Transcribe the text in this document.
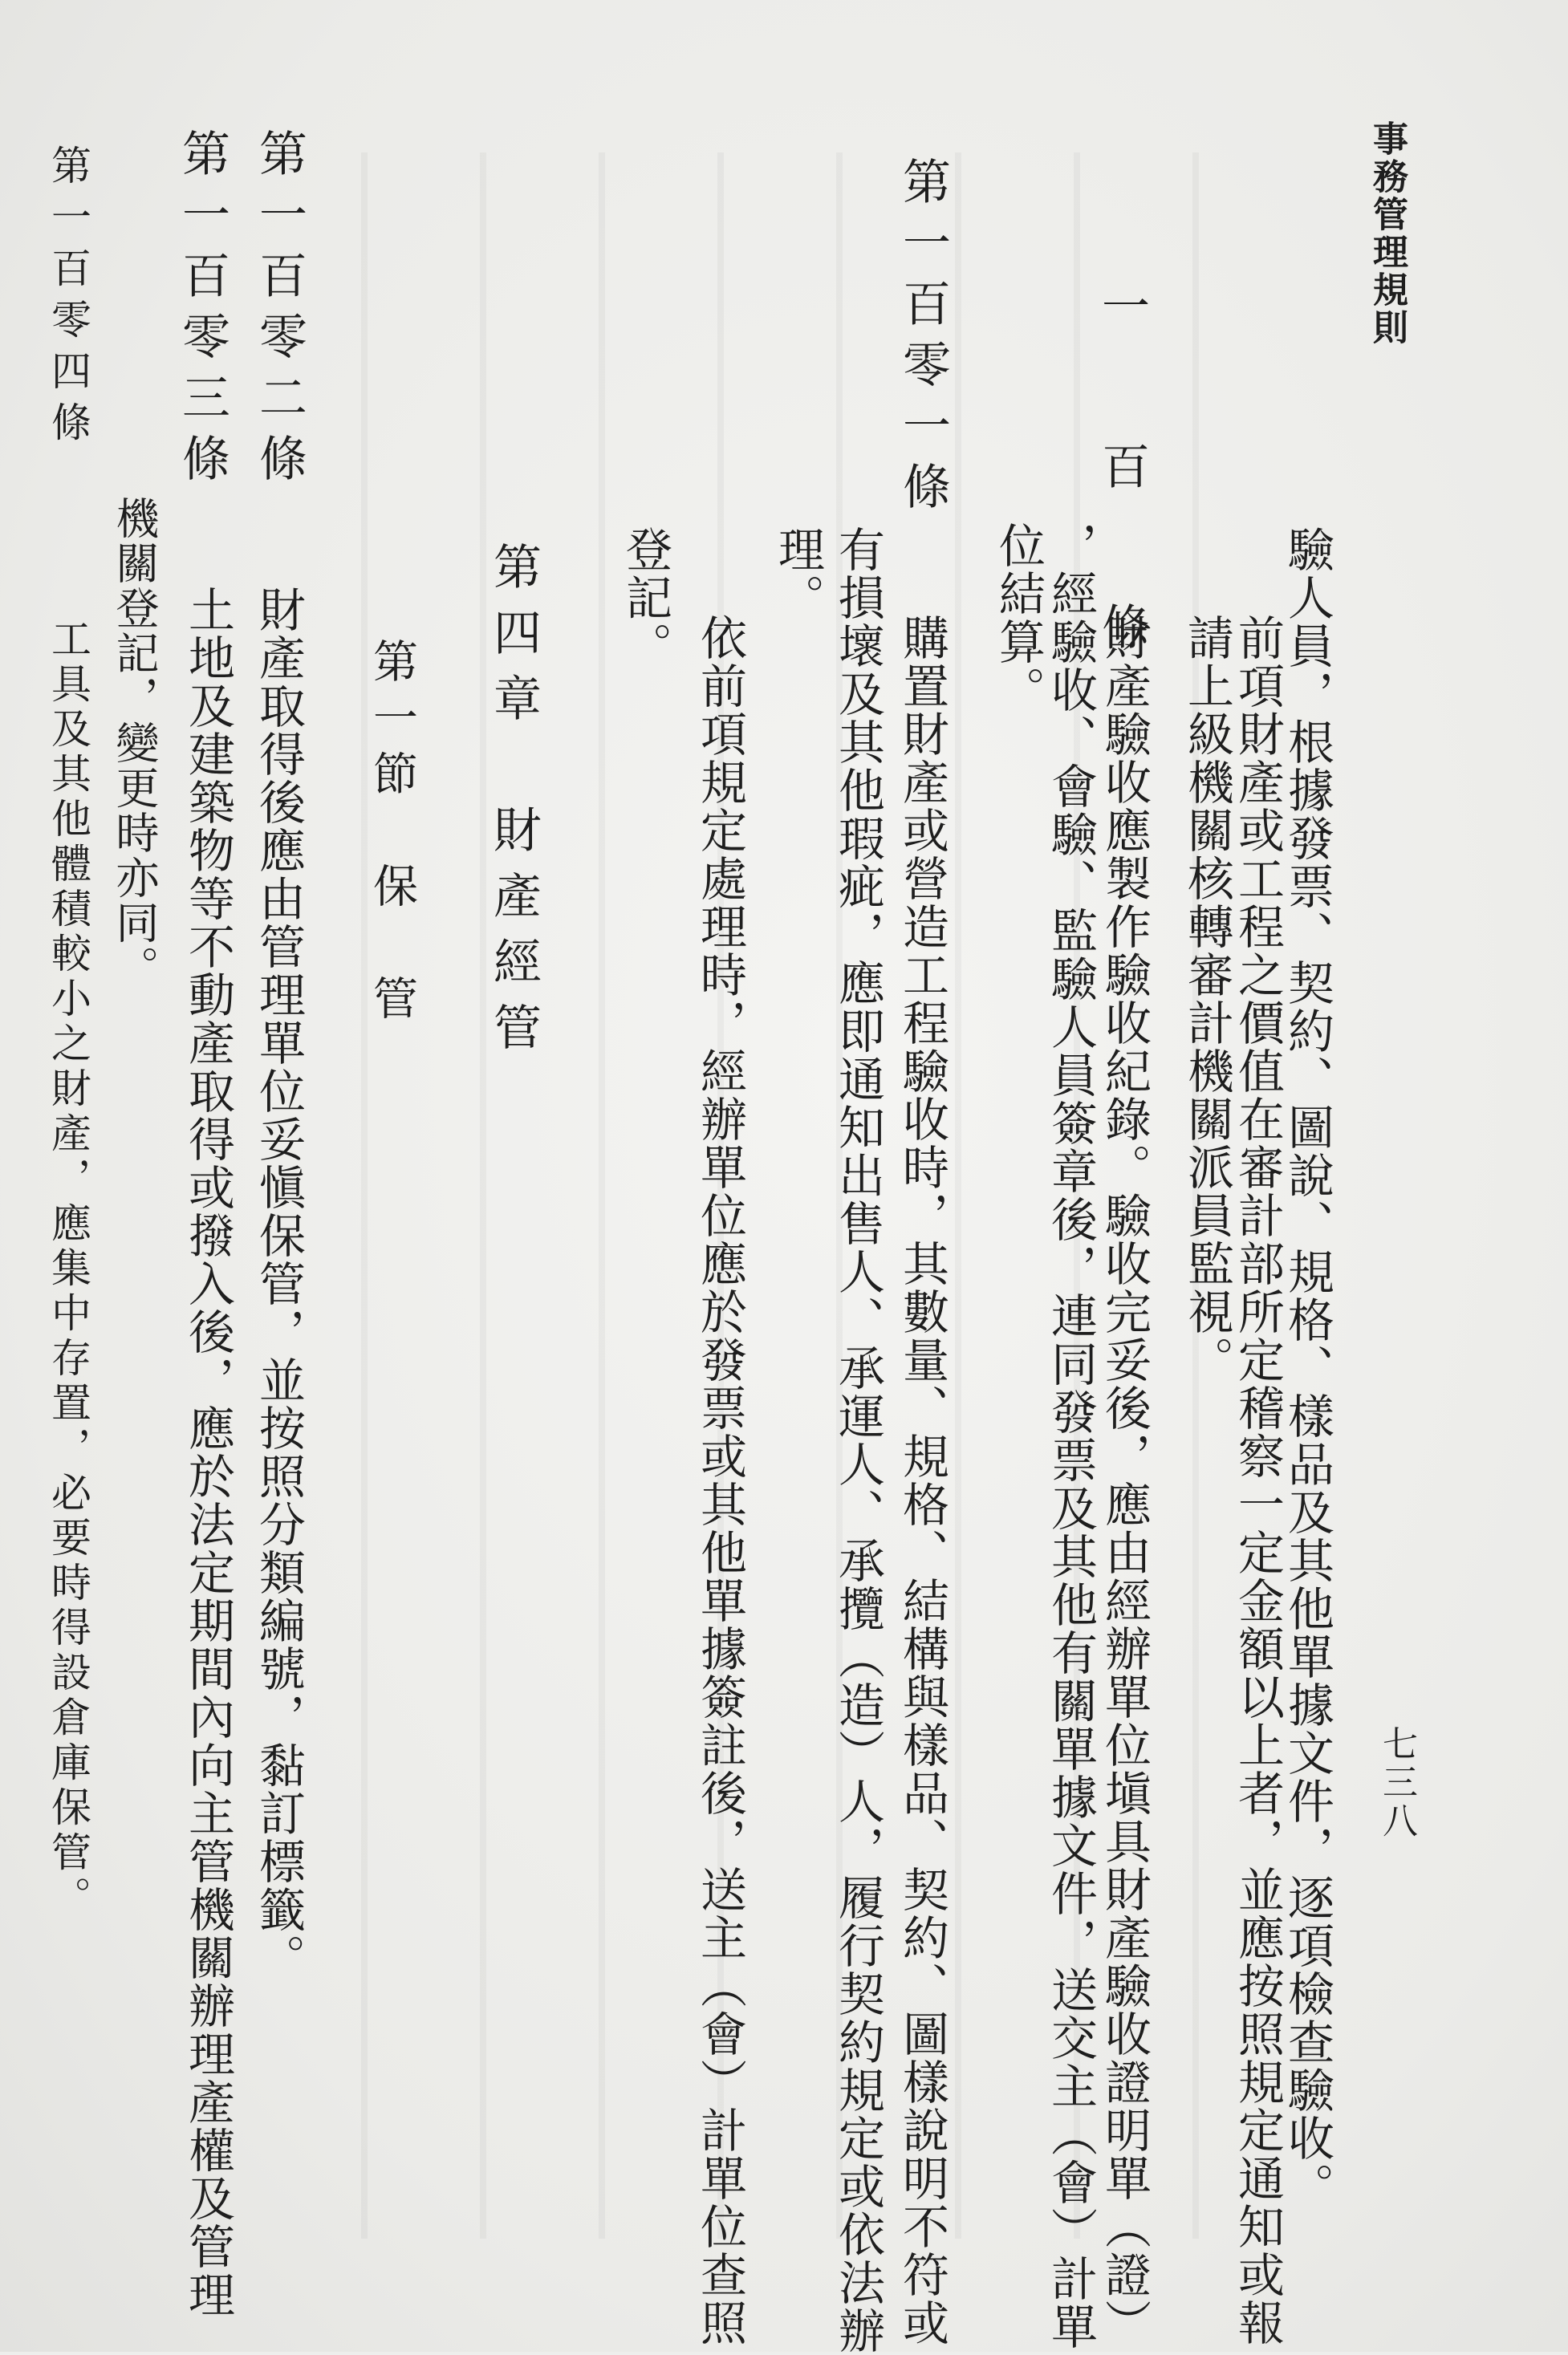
事務管理規則
七三八
驗人員，根據發票、契約、圖說、規格、樣品及其他單據文件，逐項檢查驗收。
前項財產或工程之價值在審計部所定稽察一定金額以上者，並應按照規定通知或報
請上級機關核轉審計機關派員監視。
一　百　條
財產驗收應製作驗收紀錄。驗收完妥後，應由經辦單位塡具財產驗收證明單（證）
，經驗收、會驗、監驗人員簽章後，連同發票及其他有關單據文件，送交主（會）計單
位結算。
第一百零一條
購置財產或營造工程驗收時，其數量、規格、結構與樣品、契約、圖樣說明不符或
有損壞及其他瑕疵，應即通知出售人、承運人、承攬（造）人，履行契約規定或依法辦
理。
依前項規定處理時，經辦單位應於發票或其他單據簽註後，送主（會）計單位查照
登記。
第四章　財產經管
第一節　保　管
第一百零二條
財產取得後應由管理單位妥愼保管，並按照分類編號，黏訂標籤。
第一百零三條
土地及建築物等不動產取得或撥入後，應於法定期間內向主管機關辦理產權及管理
機關登記，變更時亦同。
第一百零四條
工具及其他體積較小之財產，應集中存置，必要時得設倉庫保管。
